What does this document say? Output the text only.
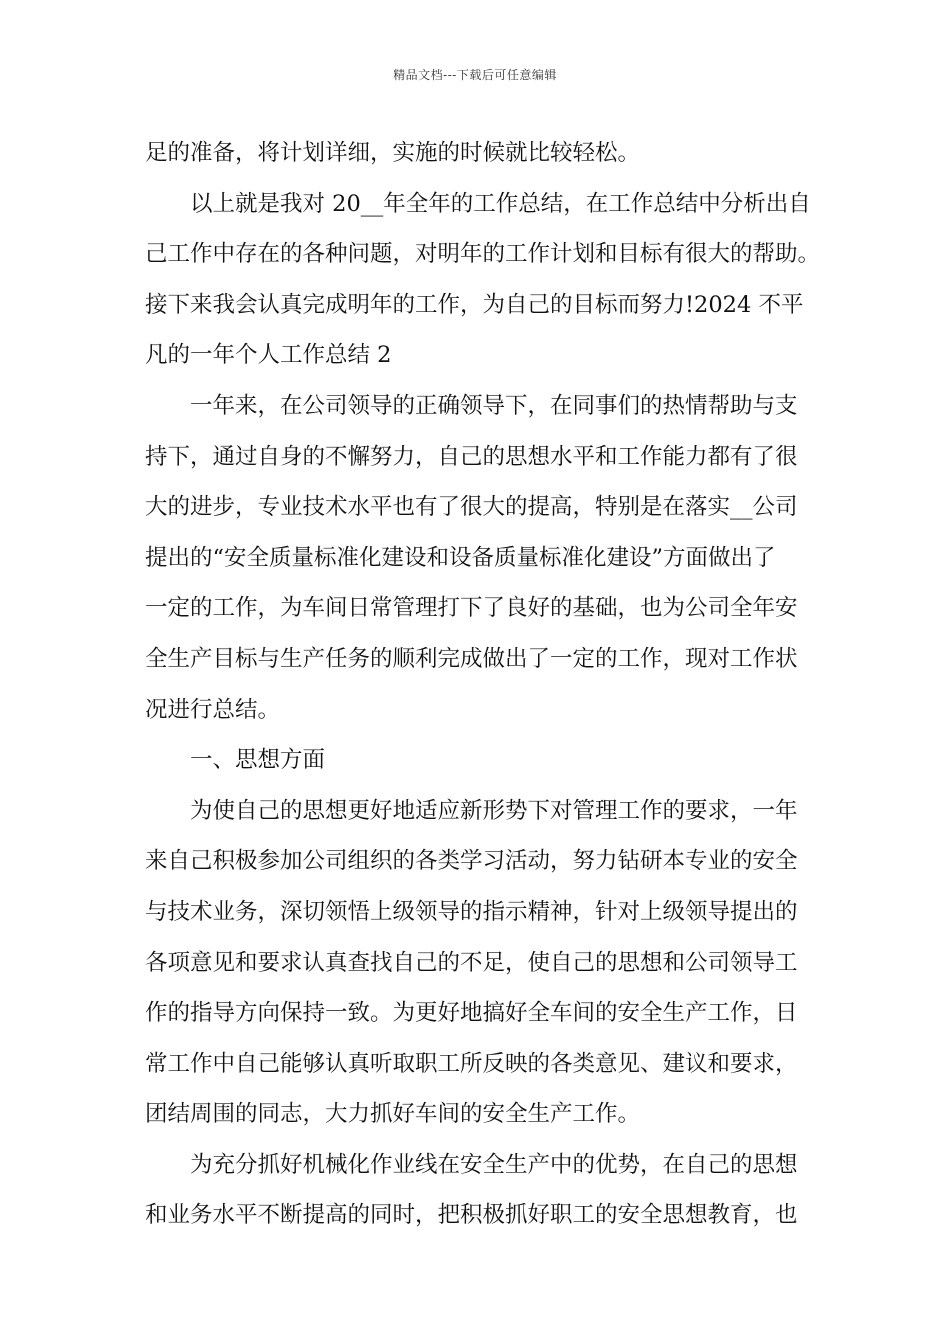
精品文档---下载后可任意编辑
足的准备，将计划详细，实施的时候就比较轻松。
以上就是我对 20__年全年的工作总结，在工作总结中分析出自
己工作中存在的各种问题，对明年的工作计划和目标有很大的帮助。
接下来我会认真完成明年的工作，为自己的目标而努力!2024 不平
凡的一年个人工作总结 2
一年来，在公司领导的正确领导下，在同事们的热情帮助与支
持下，通过自身的不懈努力，自己的思想水平和工作能力都有了很
大的进步，专业技术水平也有了很大的提高，特别是在落实__公司
提出的“安全质量标准化建设和设备质量标准化建设”方面做出了
一定的工作，为车间日常管理打下了良好的基础，也为公司全年安
全生产目标与生产任务的顺利完成做出了一定的工作，现对工作状
况进行总结。
一、思想方面
为使自己的思想更好地适应新形势下对管理工作的要求，一年
来自己积极参加公司组织的各类学习活动，努力钻研本专业的安全
与技术业务，深切领悟上级领导的指示精神，针对上级领导提出的
各项意见和要求认真查找自己的不足，使自己的思想和公司领导工
作的指导方向保持一致。为更好地搞好全车间的安全生产工作，日
常工作中自己能够认真听取职工所反映的各类意见、建议和要求，
团结周围的同志，大力抓好车间的安全生产工作。
为充分抓好机械化作业线在安全生产中的优势，在自己的思想
和业务水平不断提高的同时，把积极抓好职工的安全思想教育，也
